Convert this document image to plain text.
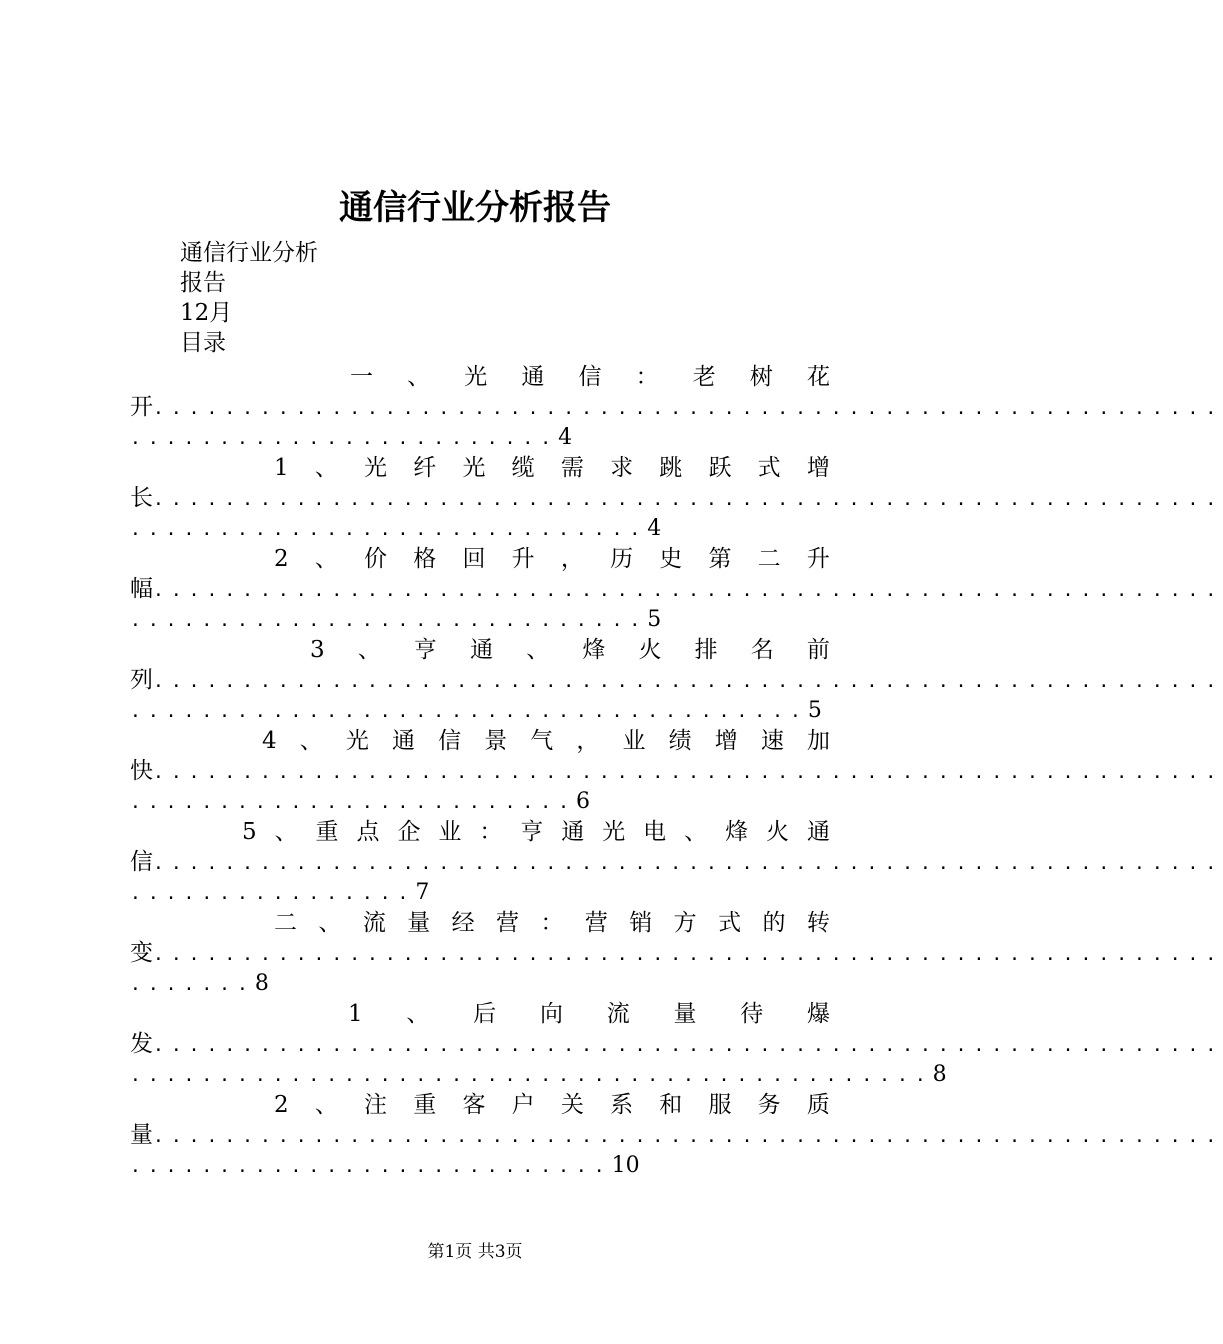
通信行业分析报告
通信行业分析
报告
12月
目录
一 、 光 通 信 ： 老 树 花
开............................................................
........................4
1 、 光 纤 光 缆 需 求 跳 跃 式 增
长............................................................
.............................4
2 、 价 格 回 升 ， 历 史 第 二 升
幅............................................................
.............................5
3 、 亨 通 、 烽 火 排 名 前
列............................................................
......................................5
4 、 光 通 信 景 气 ， 业 绩 增 速 加
快............................................................
.........................6
5 、 重 点 企 业 ： 亨 通 光 电 、 烽 火 通
信............................................................
................7
二 、 流 量 经 营 ： 营 销 方 式 的 转
变............................................................
.......8
1 、 后 向 流 量 待 爆
发............................................................
.............................................8
2 、 注 重 客 户 关 系 和 服 务 质
量............................................................
...........................10
第1页 共3页
